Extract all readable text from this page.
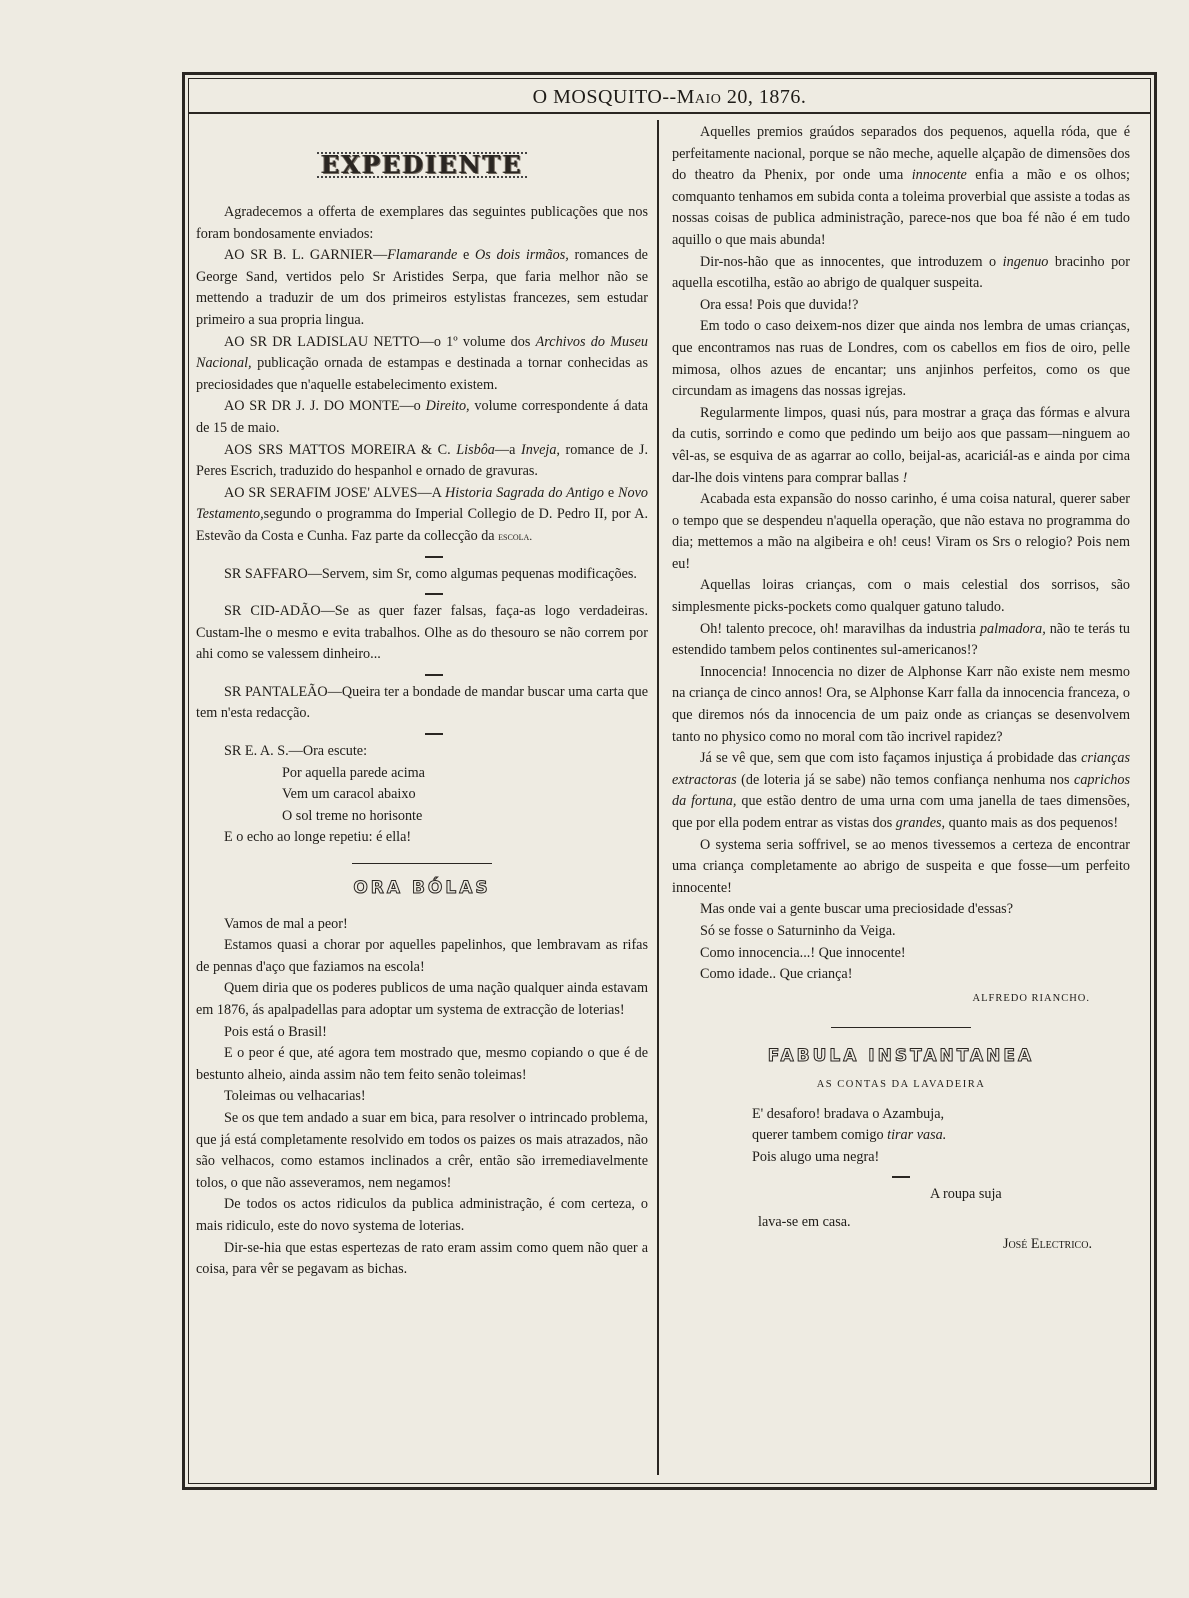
O MOSQUITO--Maio 20, 1876.
EXPEDIENTE

Agradecemos a offerta de exemplares das seguintes publicações que nos foram bondosamente enviados:

AO SR B. L. GARNIER—Flamarande e Os dois irmãos, romances de George Sand, vertidos pelo Sr Aristides Serpa, que faria melhor não se mettendo a traduzir de um dos primeiros estylistas francezes, sem estudar primeiro a sua propria lingua.

AO SR DR LADISLAU NETTO—o 1º volume dos Archivos do Museu Nacional, publicação ornada de estampas e destinada a tornar conhecidas as preciosidades que n'aquelle estabelecimento existem.

AO SR DR J. J. DO MONTE—o Direito, volume correspondente á data de 15 de maio.

AOS SRS MATTOS MOREIRA & C. Lisbôa—a Inveja, romance de J. Peres Escrich, traduzido do hespanhol e ornado de gravuras.

AO SR SERAFIM JOSE' ALVES—A Historia Sagrada do Antigo e Novo Testamento,segundo o programma do Imperial Collegio de D. Pedro II, por A. Estevão da Costa e Cunha. Faz parte da collecção da escola.

SR SAFFARO—Servem, sim Sr, como algumas pequenas modificações.

SR CID-ADÃO—Se as quer fazer falsas, faça-as logo verdadeiras. Custam-lhe o mesmo e evita trabalhos. Olhe as do thesouro se não correm por ahi como se valessem dinheiro...

SR PANTALEÃO—Queira ter a bondade de mandar buscar uma carta que tem n'esta redacção.

SR E. A. S.—Ora escute:

Por aquella parede acima

Vem um caracol abaixo

O sol treme no horisonte

E o echo ao longe repetiu: é ella!

ORA BÓLAS

Vamos de mal a peor!

Estamos quasi a chorar por aquelles papelinhos, que lembravam as rifas de pennas d'aço que faziamos na escola!

Quem diria que os poderes publicos de uma nação qualquer ainda estavam em 1876, ás apalpadellas para adoptar um systema de extracção de loterias!

Pois está o Brasil!

E o peor é que, até agora tem mostrado que, mesmo copiando o que é de bestunto alheio, ainda assim não tem feito senão toleimas!

Toleimas ou velhacarias!

Se os que tem andado a suar em bica, para resolver o intrincado problema, que já está completamente resolvido em todos os paizes os mais atrazados, não são velhacos, como estamos inclinados a crêr, então são irremediavelmente tolos, o que não asseveramos, nem negamos!

De todos os actos ridiculos da publica administração, é com certeza, o mais ridiculo, este do novo systema de loterias.

Dir-se-hia que estas espertezas de rato eram assim como quem não quer a coisa, para vêr se pegavam as bichas.

Aquelles premios graúdos separados dos pequenos, aquella róda, que é perfeitamente nacional, porque se não meche, aquelle alçapão de dimensões dos do theatro da Phenix, por onde uma innocente enfia a mão e os olhos; comquanto tenhamos em subida conta a toleima proverbial que assiste a todas as nossas coisas de publica administração, parece-nos que boa fé não é em tudo aquillo o que mais abunda!

Dir-nos-hão que as innocentes, que introduzem o ingenuo bracinho por aquella escotilha, estão ao abrigo de qualquer suspeita.

Ora essa! Pois que duvida!?

Em todo o caso deixem-nos dizer que ainda nos lembra de umas crianças, que encontramos nas ruas de Londres, com os cabellos em fios de oiro, pelle mimosa, olhos azues de encantar; uns anjinhos perfeitos, como os que circundam as imagens das nossas igrejas.

Regularmente limpos, quasi nús, para mostrar a graça das fórmas e alvura da cutis, sorrindo e como que pedindo um beijo aos que passam—ninguem ao vêl-as, se esquiva de as agarrar ao collo, beijal-as, acariciál-as e ainda por cima dar-lhe dois vintens para comprar ballas !

Acabada esta expansão do nosso carinho, é uma coisa natural, querer saber o tempo que se despendeu n'aquella operação, que não estava no programma do dia; mettemos a mão na algibeira e oh! ceus! Viram os Srs o relogio? Pois nem eu!

Aquellas loiras crianças, com o mais celestial dos sorrisos, são simplesmente picks-pockets como qualquer gatuno taludo.

Oh! talento precoce, oh! maravilhas da industria palmadora, não te terás tu estendido tambem pelos continentes sul-americanos!?

Innocencia! Innocencia no dizer de Alphonse Karr não existe nem mesmo na criança de cinco annos! Ora, se Alphonse Karr falla da innocencia franceza, o que diremos nós da innocencia de um paiz onde as crianças se desenvolvem tanto no physico como no moral com tão incrivel rapidez?

Já se vê que, sem que com isto façamos injustiça á probidade das crianças extractoras (de loteria já se sabe) não temos confiança nenhuma nos caprichos da fortuna, que estão dentro de uma urna com uma janella de taes dimensões, que por ella podem entrar as vistas dos grandes, quanto mais as dos pequenos!

O systema seria soffrivel, se ao menos tivessemos a certeza de encontrar uma criança completamente ao abrigo de suspeita e que fosse—um perfeito innocente!

Mas onde vai a gente buscar uma preciosidade d'essas?

Só se fosse o Saturninho da Veiga.

Como innocencia...! Que innocente!

Como idade.. Que criança!

ALFREDO RIANCHO.
FABULA INSTANTANEA
AS CONTAS DA LAVADEIRA

E' desaforo! bradava o Azambuja,

querer tambem comigo tirar vasa.

Pois alugo uma negra!

A roupa suja

lava-se em casa.

José Electrico.
